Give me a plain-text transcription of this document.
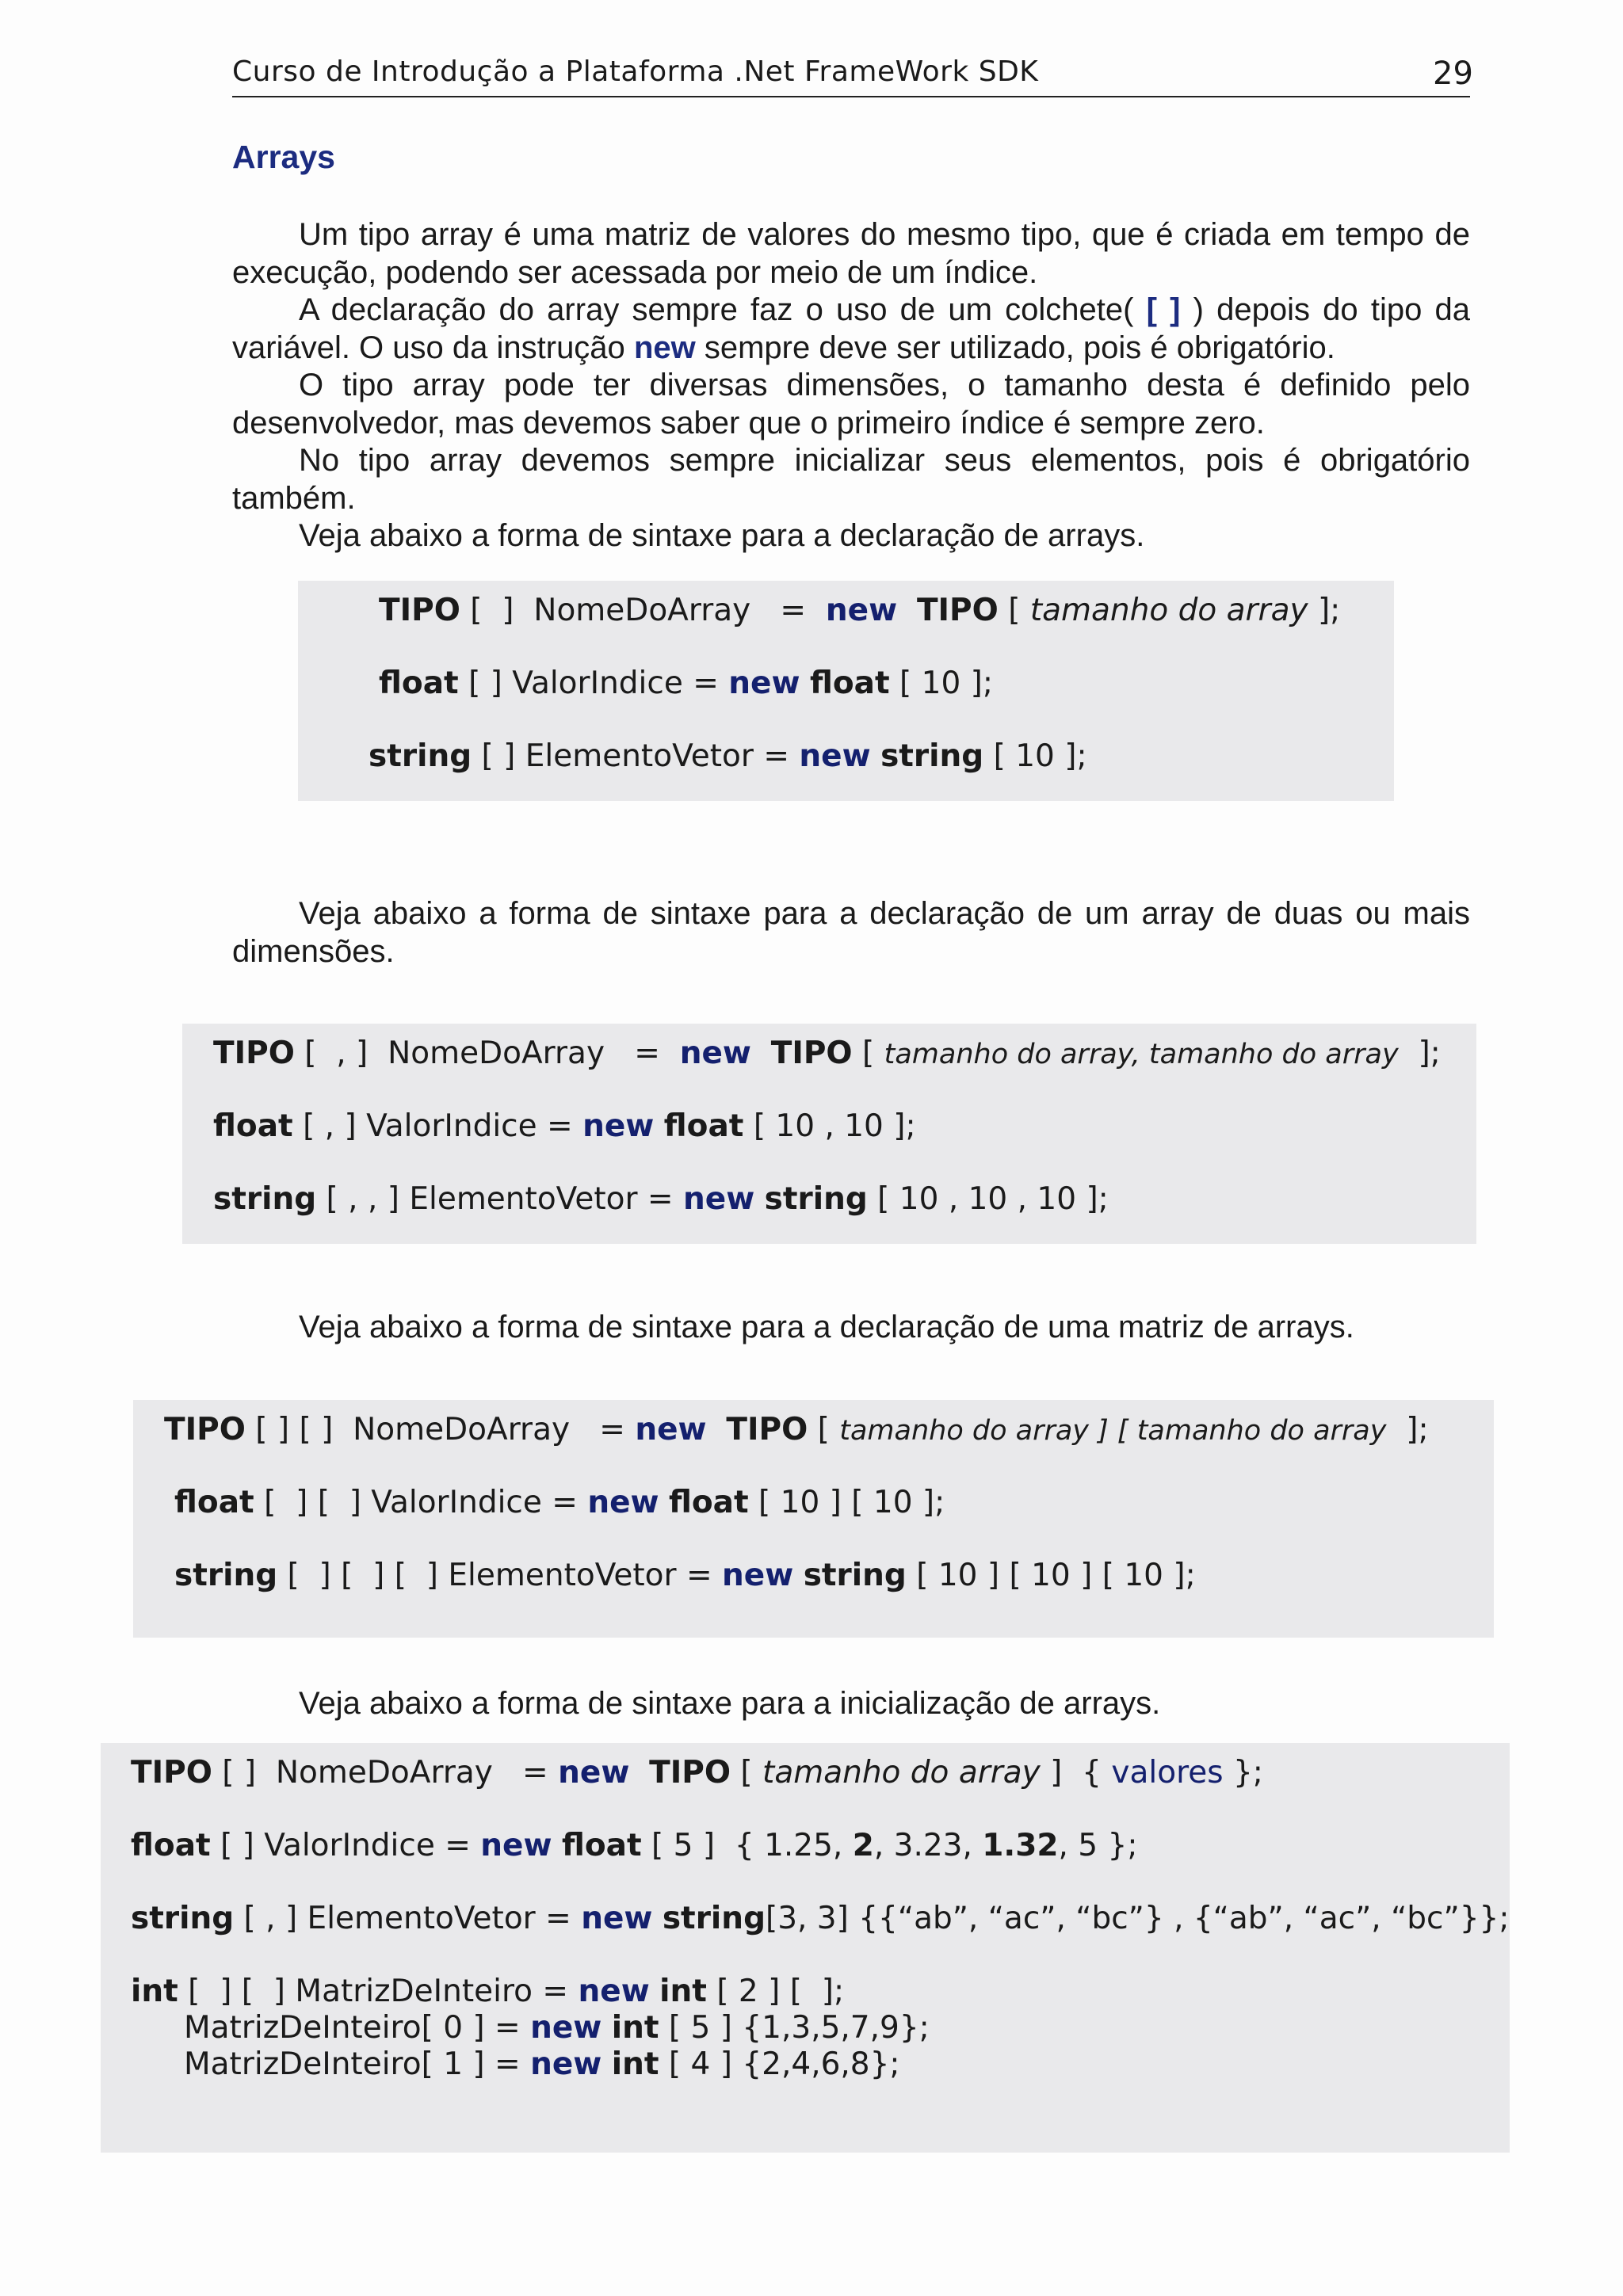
Curso de Introdução a Plataforma .Net FrameWork SDK	29
Arrays
Um tipo array é uma matriz de valores do mesmo tipo, que é criada em tempo de execução, podendo ser acessada por meio de um índice.
A declaração do array sempre faz o uso de um colchete( [ ] ) depois do tipo da variável. O uso da instrução new sempre deve ser utilizado, pois é obrigatório.
O tipo array pode ter diversas dimensões, o tamanho desta é definido pelo desenvolvedor, mas devemos saber que o primeiro índice é sempre zero.
No tipo array devemos sempre inicializar seus elementos, pois é obrigatório também.
Veja abaixo a forma de sintaxe para a declaração de arrays.
TIPO [  ]  NomeDoArray   =  new TIPO [ tamanho do array ];
float [ ] ValorIndice = new float [ 10 ];
string [ ] ElementoVetor = new string [ 10 ];
Veja abaixo a forma de sintaxe para a declaração de um array de duas ou mais dimensões.
TIPO [  , ]  NomeDoArray   =  new TIPO [ tamanho do array, tamanho do array  ];
float [ , ] ValorIndice = new float [ 10 , 10 ];
string [ , , ] ElementoVetor = new string [ 10 , 10 , 10 ];
Veja abaixo a forma de sintaxe para a declaração de uma matriz de arrays.
TIPO [ ] [ ]  NomeDoArray   = new TIPO [ tamanho do array ] [ tamanho do array  ];
float [  ] [  ] ValorIndice = new float [ 10 ] [ 10 ];
string [  ] [  ] [  ] ElementoVetor = new string [ 10 ] [ 10 ] [ 10 ];
Veja abaixo a forma de sintaxe para a inicialização de arrays.
TIPO [ ]  NomeDoArray   = new TIPO [ tamanho do array ]  { valores };
float [ ] ValorIndice = new float [ 5 ]  { 1.25, 2, 3.23, 1.32, 5 };
string [ , ] ElementoVetor = new string[3, 3] {{“ab”, “ac”, “bc”} , {“ab”, “ac”, “bc”}};
int [  ] [  ] MatrizDeInteiro = new int [ 2 ] [  ];
MatrizDeInteiro[ 0 ] = new int [ 5 ] {1,3,5,7,9};
MatrizDeInteiro[ 1 ] = new int [ 4 ] {2,4,6,8};
